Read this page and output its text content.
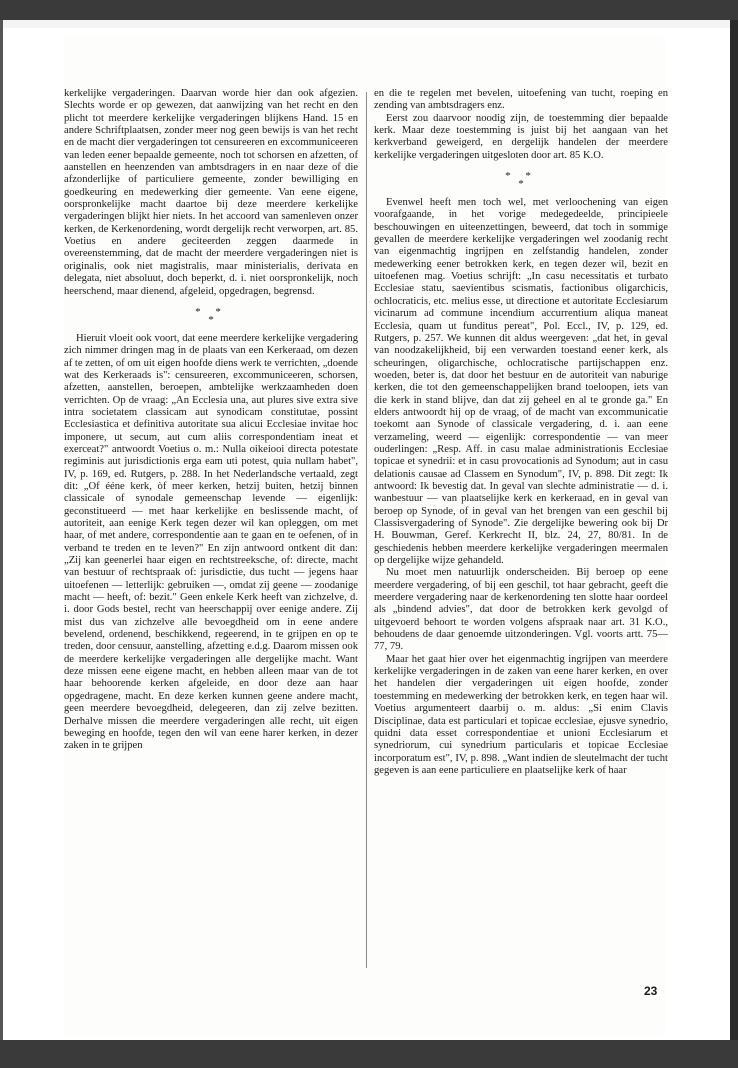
kerkelijke vergaderingen. Daarvan worde hier dan ook afgezien. Slechts worde er op gewezen, dat aanwijzing van het recht en den plicht tot meerdere kerkelijke vergaderingen blijkens Hand. 15 en andere Schriftplaatsen, zonder meer nog geen bewijs is van het recht en de macht dier vergaderingen tot censureeren en excommuniceeren van leden eener bepaalde gemeente, noch tot schorsen en afzetten, of aanstellen en heenzenden van ambtsdragers in en naar deze of die afzonderlijke of particuliere gemeente, zonder bewilliging en goedkeuring en medewerking dier gemeente. Van eene eigene, oorspronkelijke macht daartoe bij deze meerdere kerkelijke vergaderingen blijkt hier niets. In het accoord van samenleven onzer kerken, de Kerkenordening, wordt dergelijk recht verworpen, art. 85. Voetius en andere geciteerden zeggen daarmede in overeenstemming, dat de macht der meerdere vergaderingen niet is originalis, ook niet magistralis, maar ministerialis, derivata en delegata, niet absoluut, doch beperkt, d. i. niet oorspronkelijk, noch heerschend, maar dienend, afgeleid, opgedragen, begrensd.

* *
*

Hieruit vloeit ook voort, dat eene meerdere kerkelijke vergadering zich nimmer dringen mag in de plaats van een Kerkeraad, om dezen af te zetten, of om uit eigen hoofde diens werk te verrichten, „doende wat des Kerkeraads is": censureeren, excommuniceeren, schorsen, afzetten, aanstellen, beroepen, ambtelijke werkzaamheden doen verrichten. Op de vraag: „An Ecclesia una, aut plures sive extra sive intra societatem classicam aut synodicam constitutae, possint Ecclesiastica et definitiva autoritate sua alicui Ecclesiae invitae hoc imponere, ut secum, aut cum aliis correspondentiam ineat et exerceat?" antwoordt Voetius o. m.: Nulla oikeiooi directa potestate regiminis aut jurisdictionis erga eam uti potest, quia nullam habet", IV, p. 169, ed. Rutgers, p. 288. In het Nederlandsche vertaald, zegt dit: „Of ééne kerk, òf meer kerken, hetzij buiten, hetzij binnen classicale of synodale gemeenschap levende — eigenlijk: geconstitueerd — met haar kerkelijke en beslissende macht, of autoriteit, aan eenige Kerk tegen dezer wil kan opleggen, om met haar, of met andere, correspondentie aan te gaan en te oefenen, of in verband te treden en te leven?" En zijn antwoord ontkent dit dan: „Zij kan geenerlei haar eigen en rechtstreeksche, of: directe, macht van bestuur of rechtspraak of: jurisdictie, dus tucht — jegens haar uitoefenen — letterlijk: gebruiken —, omdat zij geene — zoodanige macht — heeft, of: bezit." Geen enkele Kerk heeft van zichzelve, d. i. door Gods bestel, recht van heerschappij over eenige andere. Zij mist dus van zichzelve alle bevoegdheid om in eene andere bevelend, ordenend, beschikkend, regeerend, in te grijpen en op te treden, door censuur, aanstelling, afzetting e.d.g. Daarom missen ook de meerdere kerkelijke vergaderingen alle dergelijke macht. Want deze missen eene eigene macht, en hebben alleen maar van de tot haar behoorende kerken afgeleide, en door deze aan haar opgedragene, macht. En deze kerken kunnen geene andere macht, geen meerdere bevoegdheid, delegeeren, dan zij zelve bezitten. Derhalve missen die meerdere vergaderingen alle recht, uit eigen beweging en hoofde, tegen den wil van eene harer kerken, in dezer zaken in te grijpen

en die te regelen met bevelen, uitoefening van tucht, roeping en zending van ambtsdragers enz.

Eerst zou daarvoor noodig zijn, de toestemming dier bepaalde kerk. Maar deze toestemming is juist bij het aangaan van het kerkverband geweigerd, en dergelijk handelen der meerdere kerkelijke vergaderingen uitgesloten door art. 85 K.O.

* *
*

Evenwel heeft men toch wel, met verloochening van eigen voorafgaande, in het vorige medegedeelde, principieele beschouwingen en uiteenzettingen, beweerd, dat toch in sommige gevallen de meerdere kerkelijke vergaderingen wel zoodanig recht van eigenmachtig ingrijpen en zelfstandig handelen, zonder medewerking eener betrokken kerk, en tegen dezer wil, bezit en uitoefenen mag. Voetius schrijft: „In casu necessitatis et turbato Ecclesiae statu, saevientibus scismatis, factionibus oligarchicis, ochlocraticis, etc. melius esse, ut directione et autoritate Ecclesiarum vicinarum ad commune incendium accurrentium aliqua maneat Ecclesia, quam ut funditus pereat", Pol. Eccl., IV, p. 129, ed. Rutgers, p. 257. We kunnen dit aldus weergeven: „dat het, in geval van noodzakelijkheid, bij een verwarden toestand eener kerk, als scheuringen, oligarchische, ochlocratische partijschappen enz. woeden, beter is, dat door het bestuur en de autoriteit van naburige kerken, die tot den gemeenschappelijken brand toeloopen, iets van die kerk in stand blijve, dan dat zij geheel en al te gronde ga." En elders antwoordt hij op de vraag, of de macht van excommunicatie toekomt aan Synode of classicale vergadering, d. i. aan eene verzameling, weerd — eigenlijk: correspondentie — van meer ouderlingen: „Resp. Aff. in casu malae administrationis Ecclesiae topicae et synedrii: et in casu provocationis ad Synodum; aut in casu delationis causae ad Classem en Synodum", IV, p. 898. Dit zegt: Ik antwoord: Ik bevestig dat. In geval van slechte administratie — d. i. wanbestuur — van plaatselijke kerk en kerkeraad, en in geval van beroep op Synode, of in geval van het brengen van een geschil bij Classisvergadering of Synode". Zie dergelijke bewering ook bij Dr H. Bouwman, Geref. Kerkrecht II, blz. 24, 27, 80/81. In de geschiedenis hebben meerdere kerkelijke vergaderingen meermalen op dergelijke wijze gehandeld.

Nu moet men natuurlijk onderscheiden. Bij beroep op eene meerdere vergadering, of bij een geschil, tot haar gebracht, geeft die meerdere vergadering naar de kerkenordening ten slotte haar oordeel als „bindend advies", dat door de betrokken kerk gevolgd of uitgevoerd behoort te worden volgens afspraak naar art. 31 K.O., behoudens de daar genoemde uitzonderingen. Vgl. voorts artt. 75—77, 79.

Maar het gaat hier over het eigenmachtig ingrijpen van meerdere kerkelijke vergaderingen in de zaken van eene harer kerken, en over het handelen dier vergaderingen uit eigen hoofde, zonder toestemming en medewerking der betrokken kerk, en tegen haar wil. Voetius argumenteert daarbij o. m. aldus: „Si enim Clavis Disciplinae, data est particulari et topicae ecclesiae, ejusve synedrio, quidni data esset correspondentiae et unioni Ecclesiarum et synedriorum, cui synedrium particularis et topicae Ecclesiae incorporatum est", IV, p. 898. „Want indien de sleutelmacht der tucht gegeven is aan eene particuliere en plaatselijke kerk of haar

23
